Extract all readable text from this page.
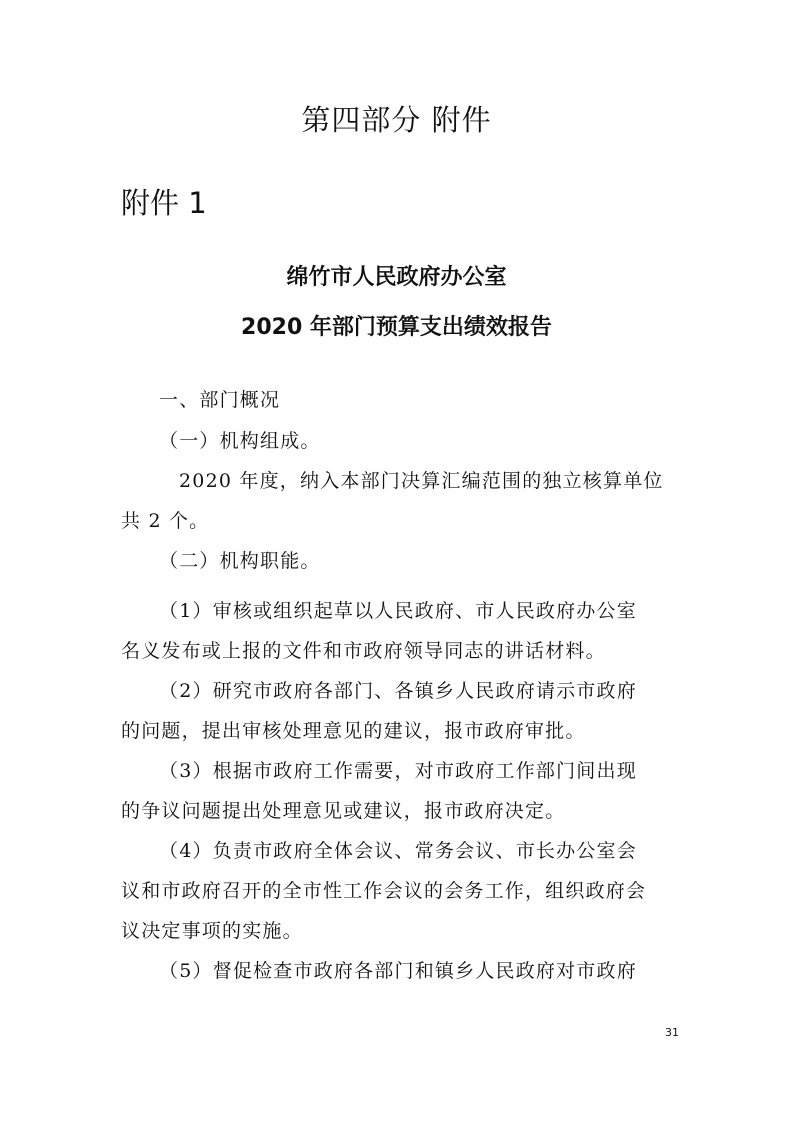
第四部分 附件
附件 1
绵竹市人民政府办公室
2020 年部门预算支出绩效报告
一、部门概况
（一）机构组成。
2020 年度，纳入本部门决算汇编范围的独立核算单位
共 2 个。
（二）机构职能。
（1）审核或组织起草以人民政府、市人民政府办公室
名义发布或上报的文件和市政府领导同志的讲话材料。
（2）研究市政府各部门、各镇乡人民政府请示市政府
的问题，提出审核处理意见的建议，报市政府审批。
（3）根据市政府工作需要，对市政府工作部门间出现
的争议问题提出处理意见或建议，报市政府决定。
（4）负责市政府全体会议、常务会议、市长办公室会
议和市政府召开的全市性工作会议的会务工作，组织政府会
议决定事项的实施。
（5）督促检查市政府各部门和镇乡人民政府对市政府
31
